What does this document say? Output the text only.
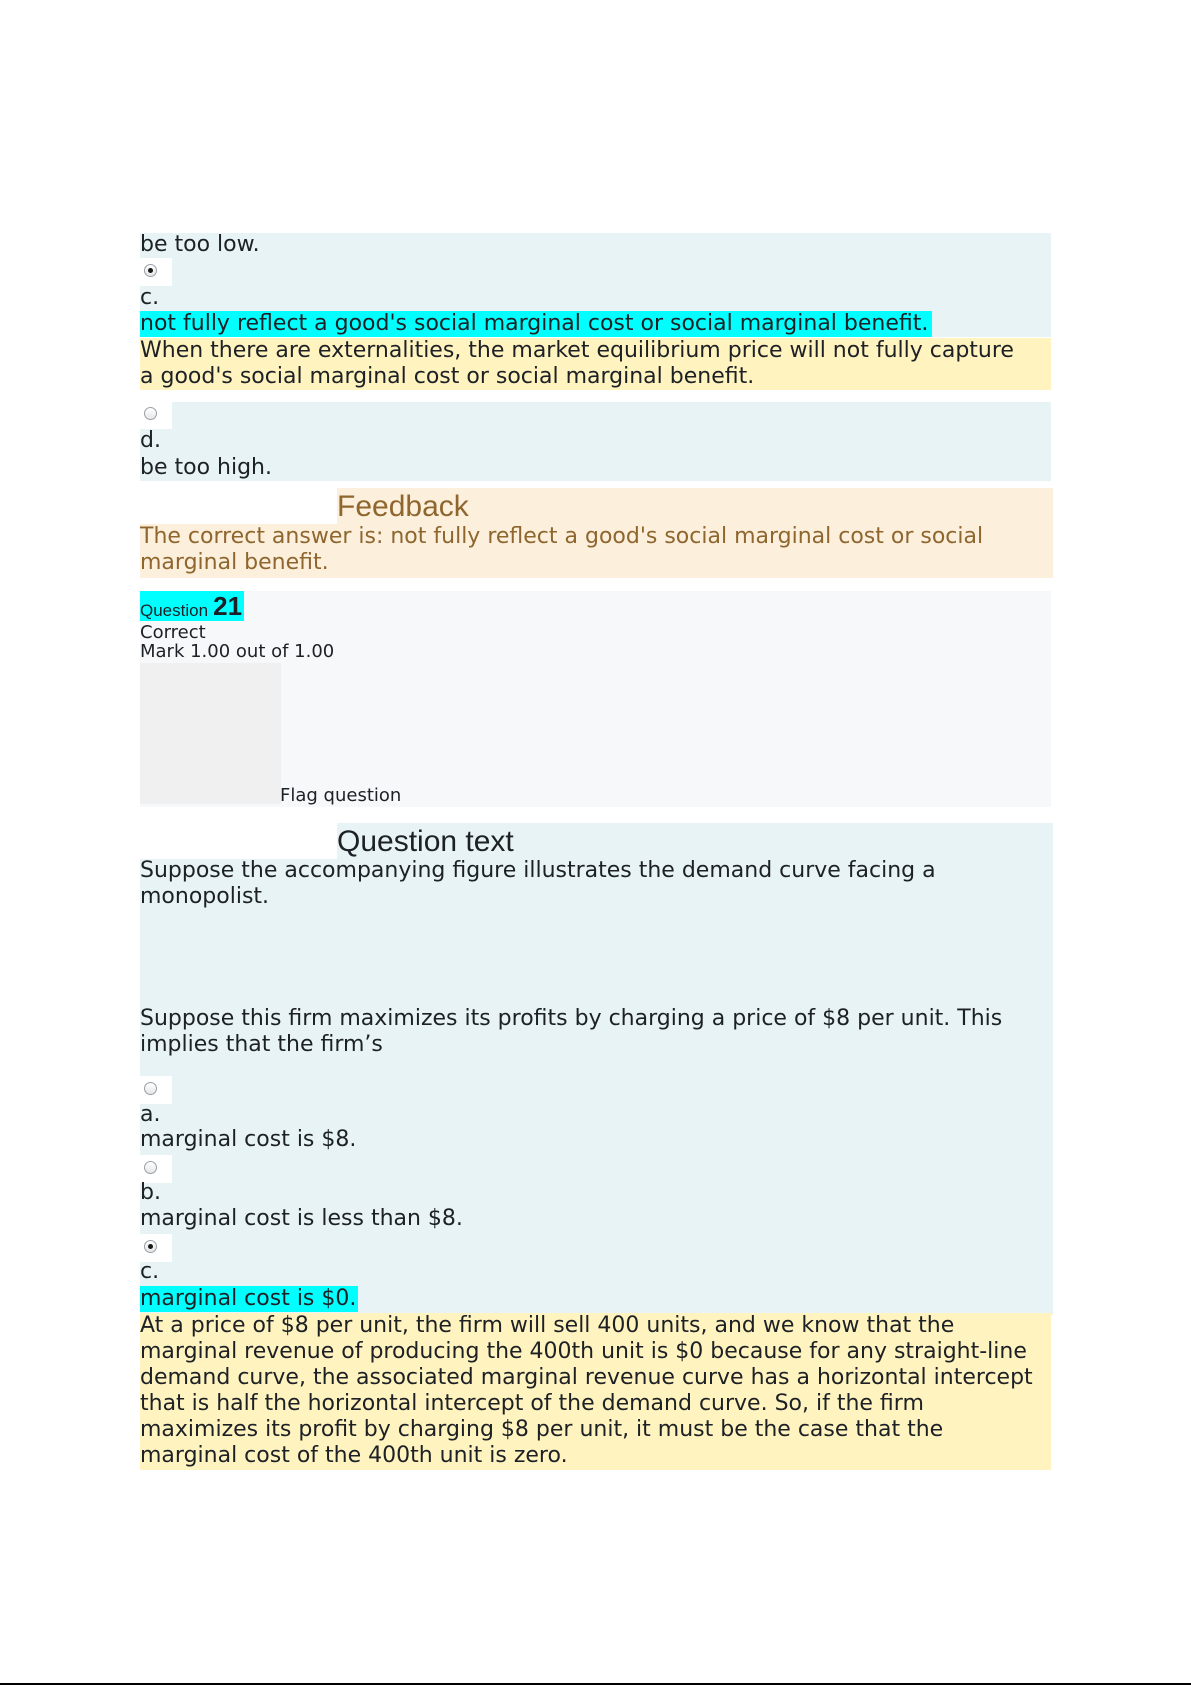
be too low.
c.
not fully reflect a good's social marginal cost or social marginal benefit.
When there are externalities, the market equilibrium price will not fully capture
a good's social marginal cost or social marginal benefit.
d.
be too high.
Feedback
The correct answer is: not fully reflect a good's social marginal cost or social
marginal benefit.
Question 21
Correct
Mark 1.00 out of 1.00
Flag question
Question text
Suppose the accompanying figure illustrates the demand curve facing a
monopolist.
Suppose this firm maximizes its profits by charging a price of $8 per unit. This
implies that the firm’s
a.
marginal cost is $8.
b.
marginal cost is less than $8.
c.
marginal cost is $0.
At a price of $8 per unit, the firm will sell 400 units, and we know that the
marginal revenue of producing the 400th unit is $0 because for any straight-line
demand curve, the associated marginal revenue curve has a horizontal intercept
that is half the horizontal intercept of the demand curve. So, if the firm
maximizes its profit by charging $8 per unit, it must be the case that the
marginal cost of the 400th unit is zero.
